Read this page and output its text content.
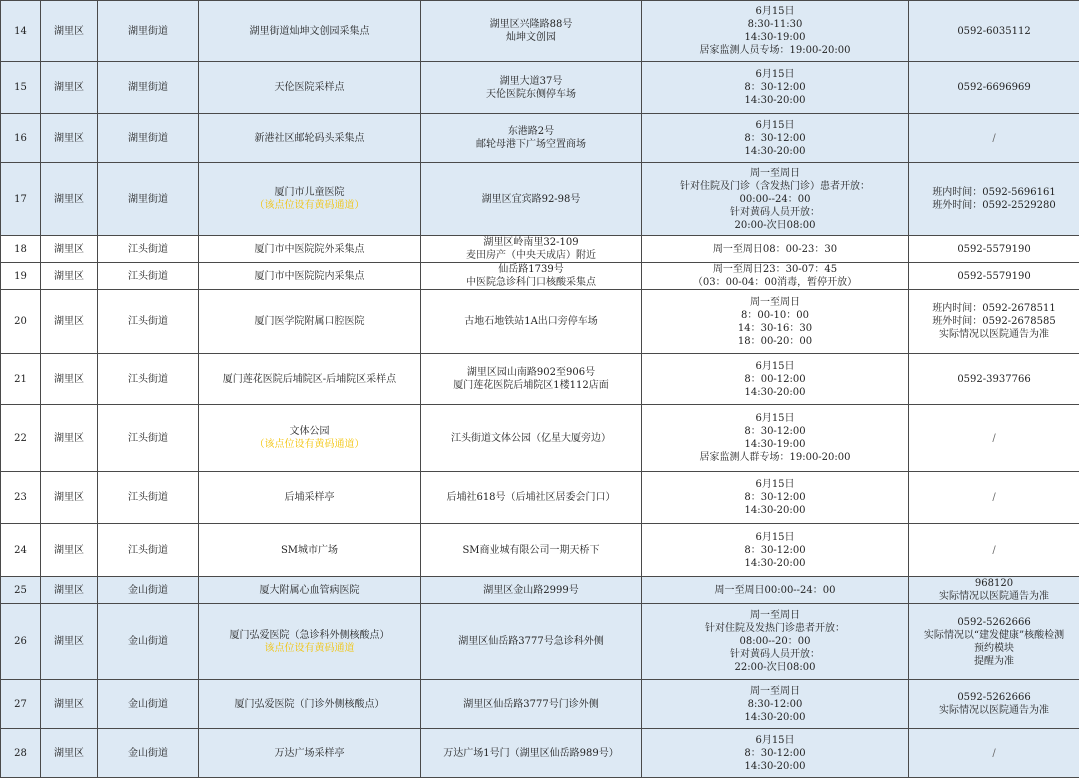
14	湖里区	湖里街道	湖里街道灿坤文创园采集点	湖里区兴隆路88号
灿坤文创园	6月15日
8:30-11:30
14:30-19:00
居家监测人员专场：19:00-20:00	0592-6035112

15	湖里区	湖里街道	天伦医院采样点	湖里大道37号
天伦医院东侧停车场	6月15日
8：30-12:00
14:30-20:00	0592-6696969

16	湖里区	湖里街道	新港社区邮轮码头采集点	东港路2号
邮轮母港下广场空置商场	6月15日
8：30-12:00
14:30-20:00	/

17	湖里区	湖里街道	厦门市儿童医院
（该点位设有黄码通道）	湖里区宜宾路92-98号	周一至周日
针对住院及门诊（含发热门诊）患者开放：
00:00--24：00
针对黄码人员开放：
20:00-次日08:00	班内时间：0592-5696161
班外时间：0592-2529280

18	湖里区	江头街道	厦门市中医院院外采集点	湖里区岭南里32-109
麦田房产（中央天成店）附近	周一至周日08：00-23：30	0592-5579190

19	湖里区	江头街道	厦门市中医院院内采集点	仙岳路1739号
中医院急诊科门口核酸采集点	周一至周日23：30-07：45
（03：00-04：00消毒，暂停开放）	0592-5579190

20	湖里区	江头街道	厦门医学院附属口腔医院	古地石地铁站1A出口旁停车场	周一至周日
8：00-10：00
14：30-16：30
18：00-20：00	班内时间：0592-2678511
班外时间：0592-2678585
实际情况以医院通告为准

21	湖里区	江头街道	厦门莲花医院后埔院区-后埔院区采样点	湖里区园山南路902至906号
厦门莲花医院后埔院区1楼112店面	6月15日
8：00-12:00
14:30-20:00	0592-3937766

22	湖里区	江头街道	文体公园
（该点位设有黄码通道）	江头街道文体公园（亿星大厦旁边）	6月15日
8：30-12:00
14:30-19:00
居家监测人群专场：19:00-20:00	/

23	湖里区	江头街道	后埔采样亭	后埔社618号（后埔社区居委会门口）	6月15日
8：30-12:00
14:30-20:00	/

24	湖里区	江头街道	SM城市广场	SM商业城有限公司一期天桥下	6月15日
8：30-12:00
14:30-20:00	/

25	湖里区	金山街道	厦大附属心血管病医院	湖里区金山路2999号	周一至周日00:00--24：00	968120
实际情况以医院通告为准

26	湖里区	金山街道	厦门弘爱医院（急诊科外侧核酸点）
该点位设有黄码通道	湖里区仙岳路3777号急诊科外侧	周一至周日
针对住院及发热门诊患者开放：
08:00--20：00
针对黄码人员开放：
22:00-次日08:00	0592-5262666
实际情况以“建发健康”核酸检测
预约模块
提醒为准

27	湖里区	金山街道	厦门弘爱医院（门诊外侧核酸点）	湖里区仙岳路3777号门诊外侧	周一至周日
8:30-12:00
14:30-20:00	0592-5262666
实际情况以医院通告为准

28	湖里区	金山街道	万达广场采样亭	万达广场1号门（湖里区仙岳路989号）	6月15日
8：30-12:00
14:30-20:00	/
